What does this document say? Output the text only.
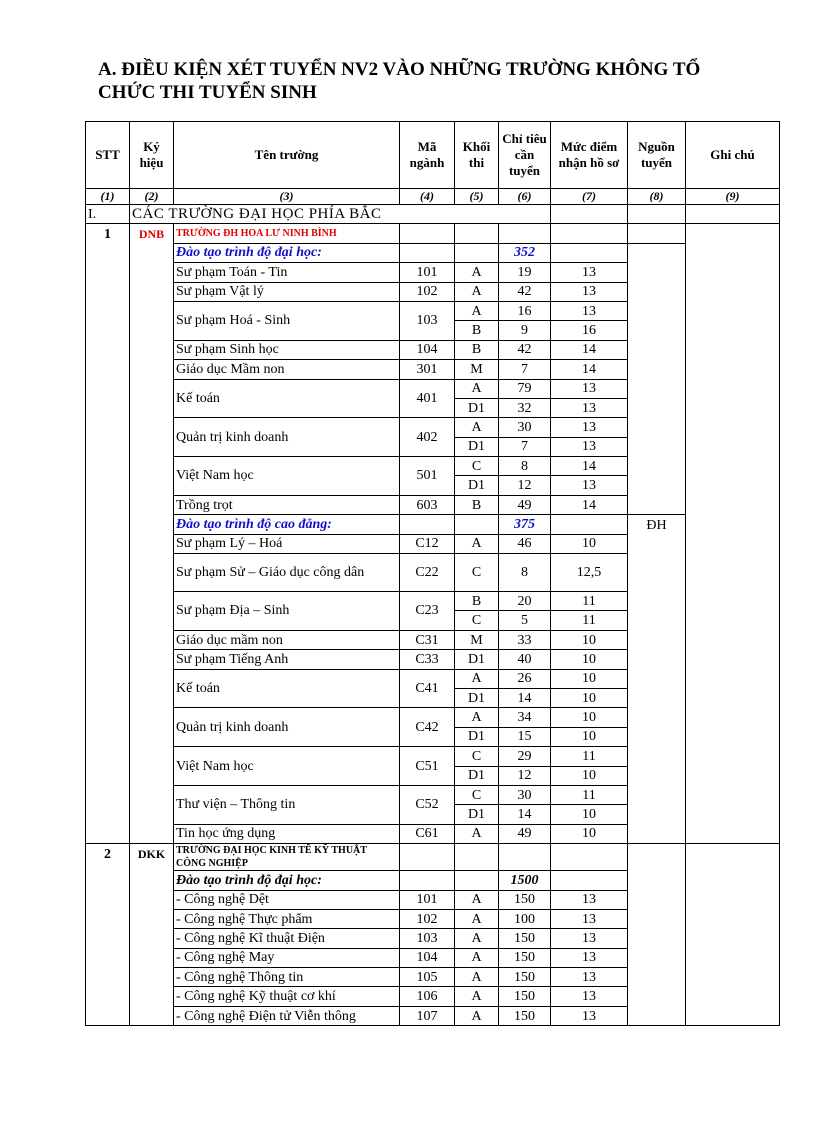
A. ĐIỀU KIỆN XÉT TUYỂN NV2 VÀO NHỮNG TRƯỜNG KHÔNG TỔ CHỨC THI TUYỂN SINH
STT	Ký hiệu	Tên trường	Mã ngành	Khối thi	Chỉ tiêu cần tuyển	Mức điểm nhận hồ sơ	Nguồn tuyển	Ghi chú
(1)	(2)	(3)	(4)	(5)	(6)	(7)	(8)	(9)
I.	CÁC TRƯỜNG ĐẠI HỌC PHÍA BẮC							
1	DNB	TRƯỜNG ĐH HOA LƯ NINH BÌNH						
		Đào tạo trình độ đại học:			352			
		Sư phạm Toán - Tin	101	A	19	13		
		Sư phạm Vật lý	102	A	42	13		
		Sư phạm Hoá - Sinh	103	A	16	13		
				B	9	16		
		Sư phạm Sinh học	104	B	42	14		
		Giáo dục Mầm non	301	M	7	14		
		Kế toán	401	A	79	13		
				D1	32	13		
		Quản trị kinh doanh	402	A	30	13		
				D1	7	13		
		Việt Nam học	501	C	8	14		
				D1	12	13		
		Trồng trọt	603	B	49	14		
		Đào tạo trình độ cao đẳng:			375		ĐH	
		Sư phạm Lý – Hoá	C12	A	46	10		
		Sư phạm Sử – Giáo dục công dân	C22	C	8	12,5		
		Sư phạm Địa – Sinh	C23	B	20	11		
				C	5	11		
		Giáo dục mầm non	C31	M	33	10		
		Sư phạm Tiếng Anh	C33	D1	40	10		
		Kế toán	C41	A	26	10		
				D1	14	10		
		Quản trị kinh doanh	C42	A	34	10		
				D1	15	10		
		Việt Nam học	C51	C	29	11		
				D1	12	10		
		Thư viện – Thông tin	C52	C	30	11		
				D1	14	10		
		Tin học ứng dụng	C61	A	49	10		
2	DKK	TRƯỜNG ĐẠI HỌC KINH TẾ KỸ THUẬT CÔNG NGHIỆP						
		Đào tạo trình độ đại học:			1500			
		- Công nghệ Dệt	101	A	150	13		
		- Công nghệ Thực phẩm	102	A	100	13		
		- Công nghệ Kĩ thuật Điện	103	A	150	13		
		- Công nghệ May	104	A	150	13		
		- Công nghệ Thông tin	105	A	150	13		
		- Công nghệ Kỹ thuật cơ khí	106	A	150	13		
		- Công nghệ Điện tử Viễn thông	107	A	150	13		
